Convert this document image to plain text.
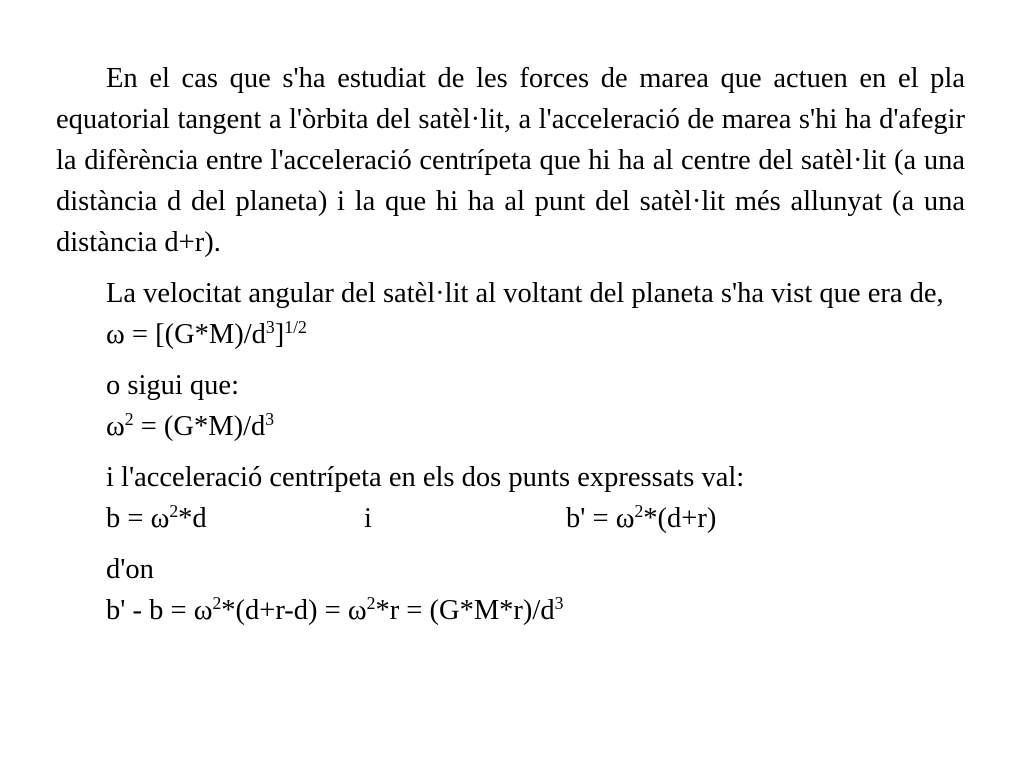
En el cas que s'ha estudiat de les forces de marea que actuen en el pla equatorial tangent a l'òrbita del satèl·lit, a l'acceleració de marea s'hi ha d'afegir la difèrència entre l'acceleració centrípeta que hi ha al centre del satèl·lit (a una distància d del planeta) i la que hi ha al punt del satèl·lit més allunyat (a una distància d+r).

La velocitat angular del satèl·lit al voltant del planeta s'ha vist que era de,

$\omega = [(G*M)/d^3]^{1/2}$

o sigui que:

$\omega^2 = (G*M)/d^3$

i l'acceleració centrípeta en els dos punts expressats val:

$b = \omega^2*d$	i	$b' = \omega^2*(d+r)$

d'on

$b' - b = \omega^2*(d+r-d) = \omega^2*r = (G*M*r)/d^3$
